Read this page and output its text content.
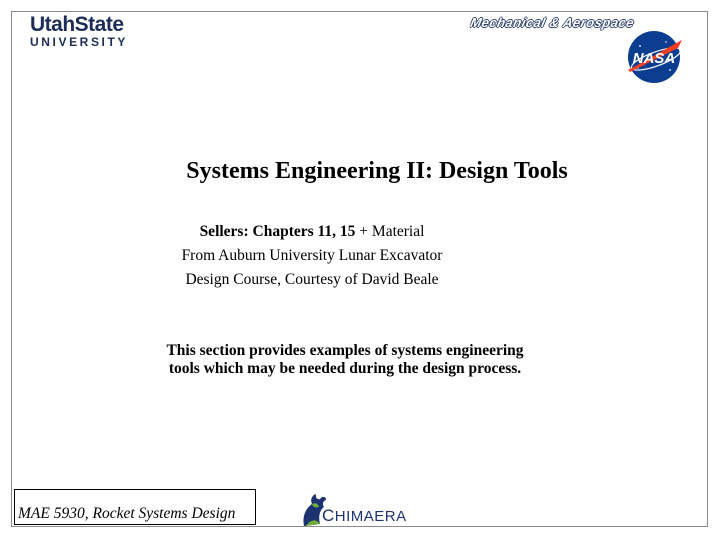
UtahState
UNIVERSITY
Mechanical & Aerospace
NASA
Systems Engineering II: Design Tools
Sellers: Chapters 11, 15 + Material
From Auburn University Lunar Excavator
Design Course, Courtesy of David Beale
This section provides examples of systems engineering
tools which may be needed during the design process.
MAE 5930, Rocket Systems Design	CHIMAERA
